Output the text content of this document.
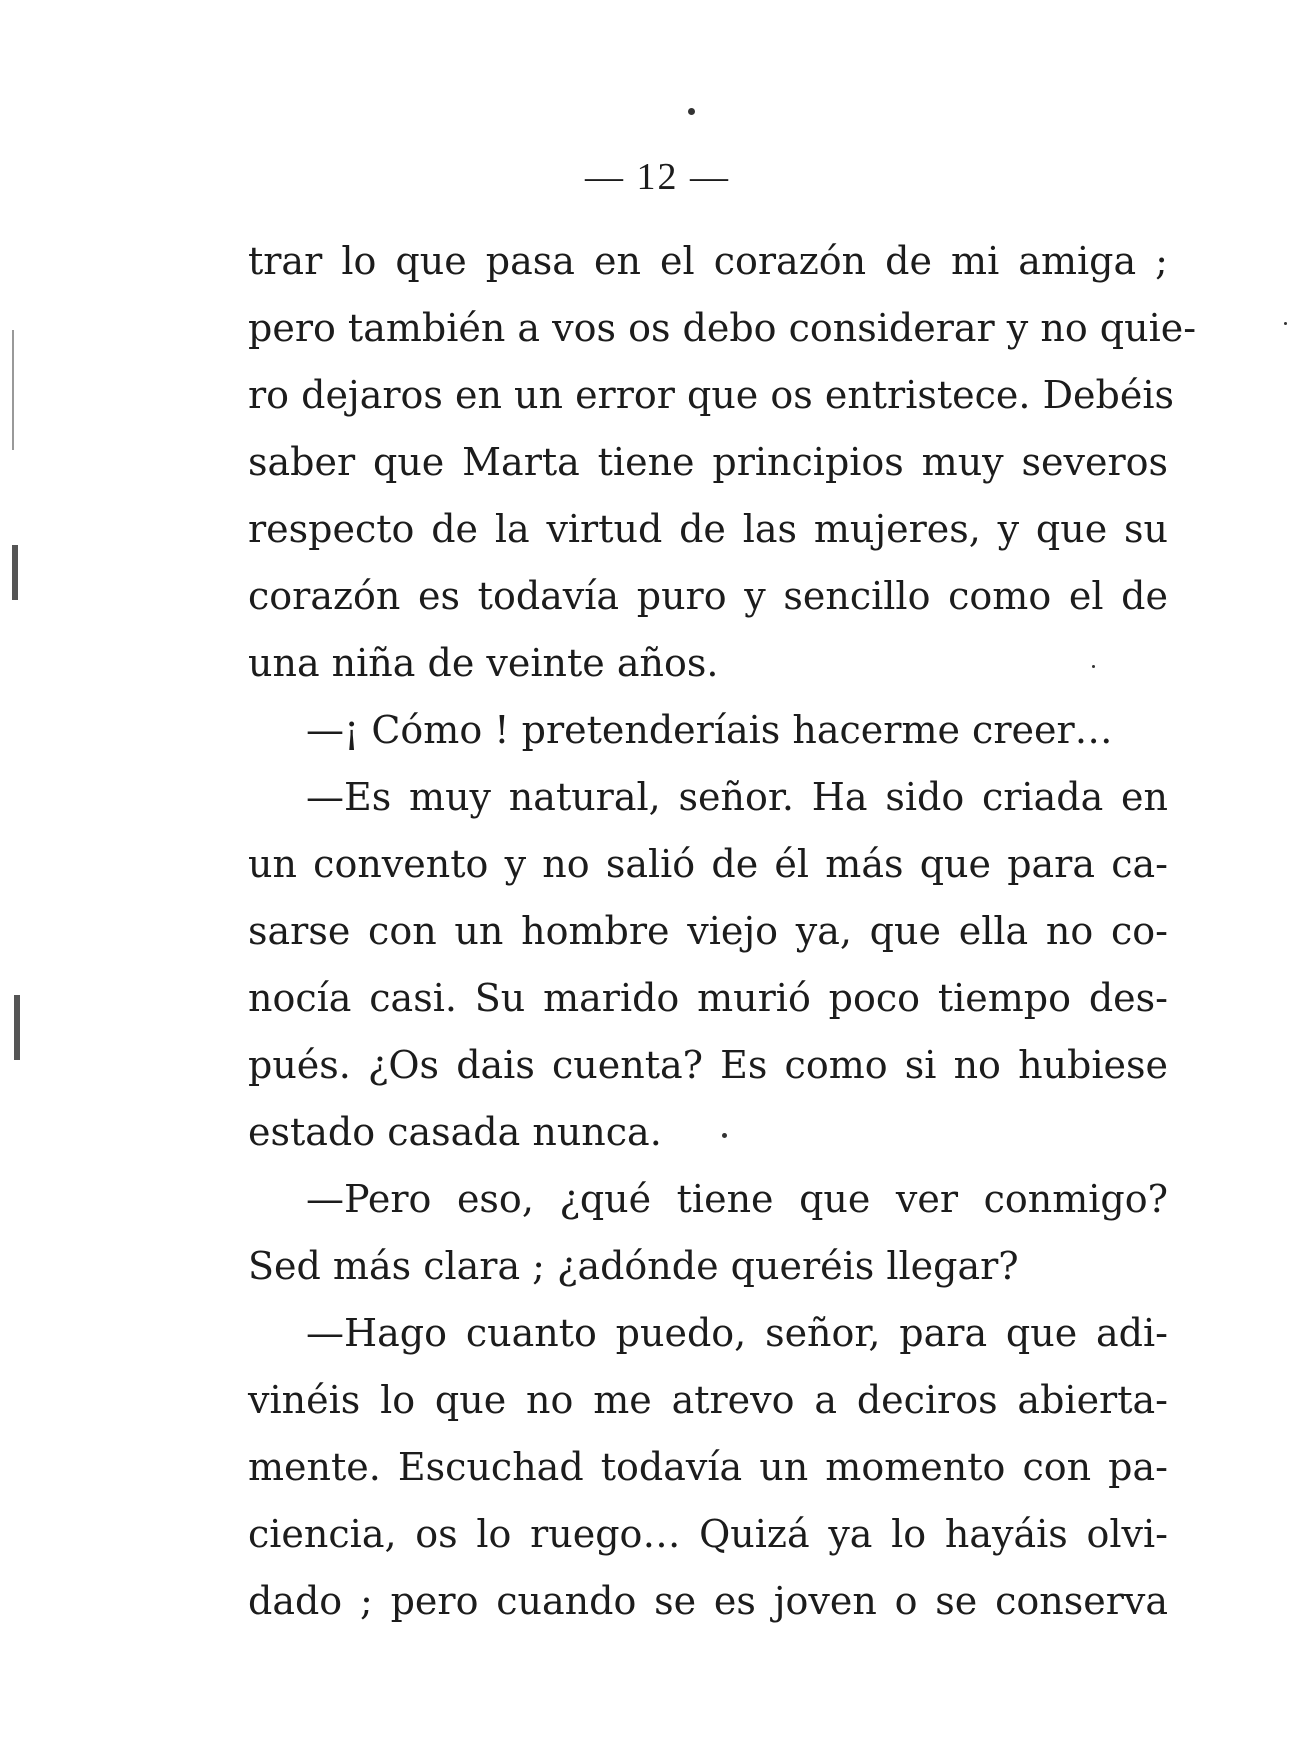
— 12 —
trar lo que pasa en el corazón de mi amiga ;
pero también a vos os debo considerar y no quie-
ro dejaros en un error que os entristece. Debéis
saber que Marta tiene principios muy severos
respecto de la virtud de las mujeres, y que su
corazón es todavía puro y sencillo como el de
una niña de veinte años.
—¡ Cómo ! pretenderíais hacerme creer…
—Es muy natural, señor. Ha sido criada en
un convento y no salió de él más que para ca-
sarse con un hombre viejo ya, que ella no co-
nocía casi. Su marido murió poco tiempo des-
pués. ¿Os dais cuenta? Es como si no hubiese
estado casada nunca.
—Pero eso, ¿qué tiene que ver conmigo?
Sed más clara ; ¿adónde queréis llegar?
—Hago cuanto puedo, señor, para que adi-
vinéis lo que no me atrevo a deciros abierta-
mente. Escuchad todavía un momento con pa-
ciencia, os lo ruego… Quizá ya lo hayáis olvi-
dado ; pero cuando se es joven o se conserva
